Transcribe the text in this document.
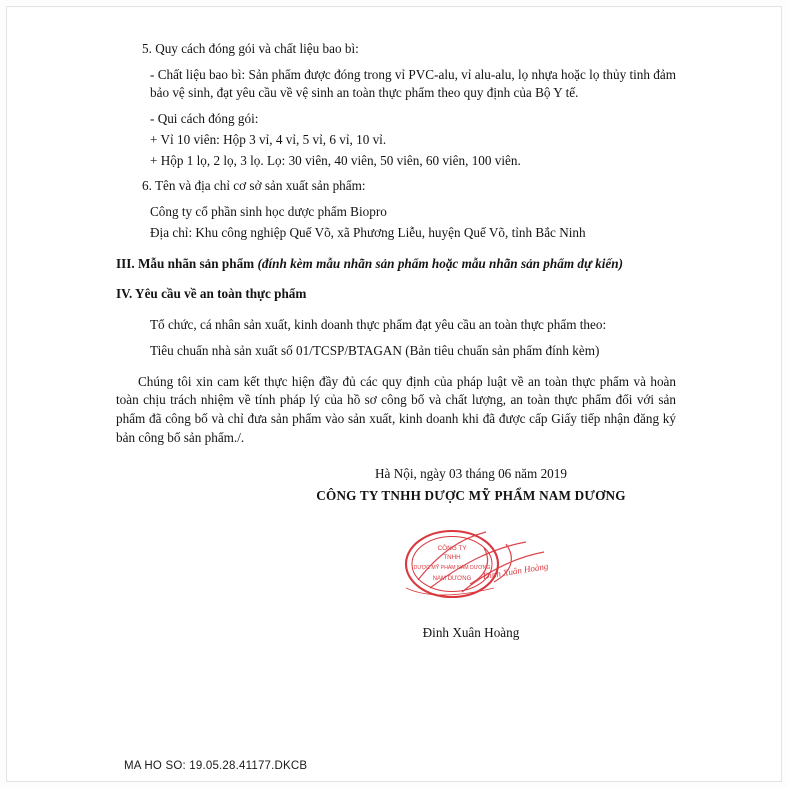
5. Quy cách đóng gói và chất liệu bao bì:

- Chất liệu bao bì: Sản phẩm được đóng trong vỉ PVC-alu, vỉ alu-alu, lọ nhựa hoặc lọ thủy tinh đảm bảo vệ sinh, đạt yêu cầu về vệ sinh an toàn thực phẩm theo quy định của Bộ Y tế.

- Qui cách đóng gói:

+ Vỉ 10 viên: Hộp 3 vỉ, 4 vỉ, 5 vỉ, 6 vỉ, 10 vỉ.

+ Hộp 1 lọ, 2 lọ, 3 lọ. Lọ: 30 viên, 40 viên, 50 viên, 60 viên, 100 viên.

6. Tên và địa chỉ cơ sở sản xuất sản phẩm:

Công ty cổ phần sinh học dược phẩm Biopro

Địa chỉ: Khu công nghiệp Quế Võ, xã Phương Liễu, huyện Quế Võ, tỉnh Bắc Ninh

III. Mẫu nhãn sản phẩm (đính kèm mẫu nhãn sản phẩm hoặc mẫu nhãn sản phẩm dự kiến)

IV. Yêu cầu về an toàn thực phẩm

Tổ chức, cá nhân sản xuất, kinh doanh thực phẩm đạt yêu cầu an toàn thực phẩm theo:

Tiêu chuẩn nhà sản xuất số 01/TCSP/BTAGAN (Bản tiêu chuẩn sản phẩm đính kèm)

Chúng tôi xin cam kết thực hiện đầy đủ các quy định của pháp luật về an toàn thực phẩm và hoàn toàn chịu trách nhiệm về tính pháp lý của hồ sơ công bố và chất lượng, an toàn thực phẩm đối với sản phẩm đã công bố và chỉ đưa sản phẩm vào sản xuất, kinh doanh khi đã được cấp Giấy tiếp nhận đăng ký bản công bố sản phẩm./.

Hà Nội, ngày 03 tháng 06 năm 2019

CÔNG TY TNHH DƯỢC MỸ PHẨM NAM DƯƠNG

CÔNG TY
TNHH
DƯỢC MỸ PHẨM NAM DƯƠNG
NAM DƯƠNG Đinh Xuân Hoàng

Đinh Xuân Hoàng

MA HO SO: 19.05.28.41177.DKCB
